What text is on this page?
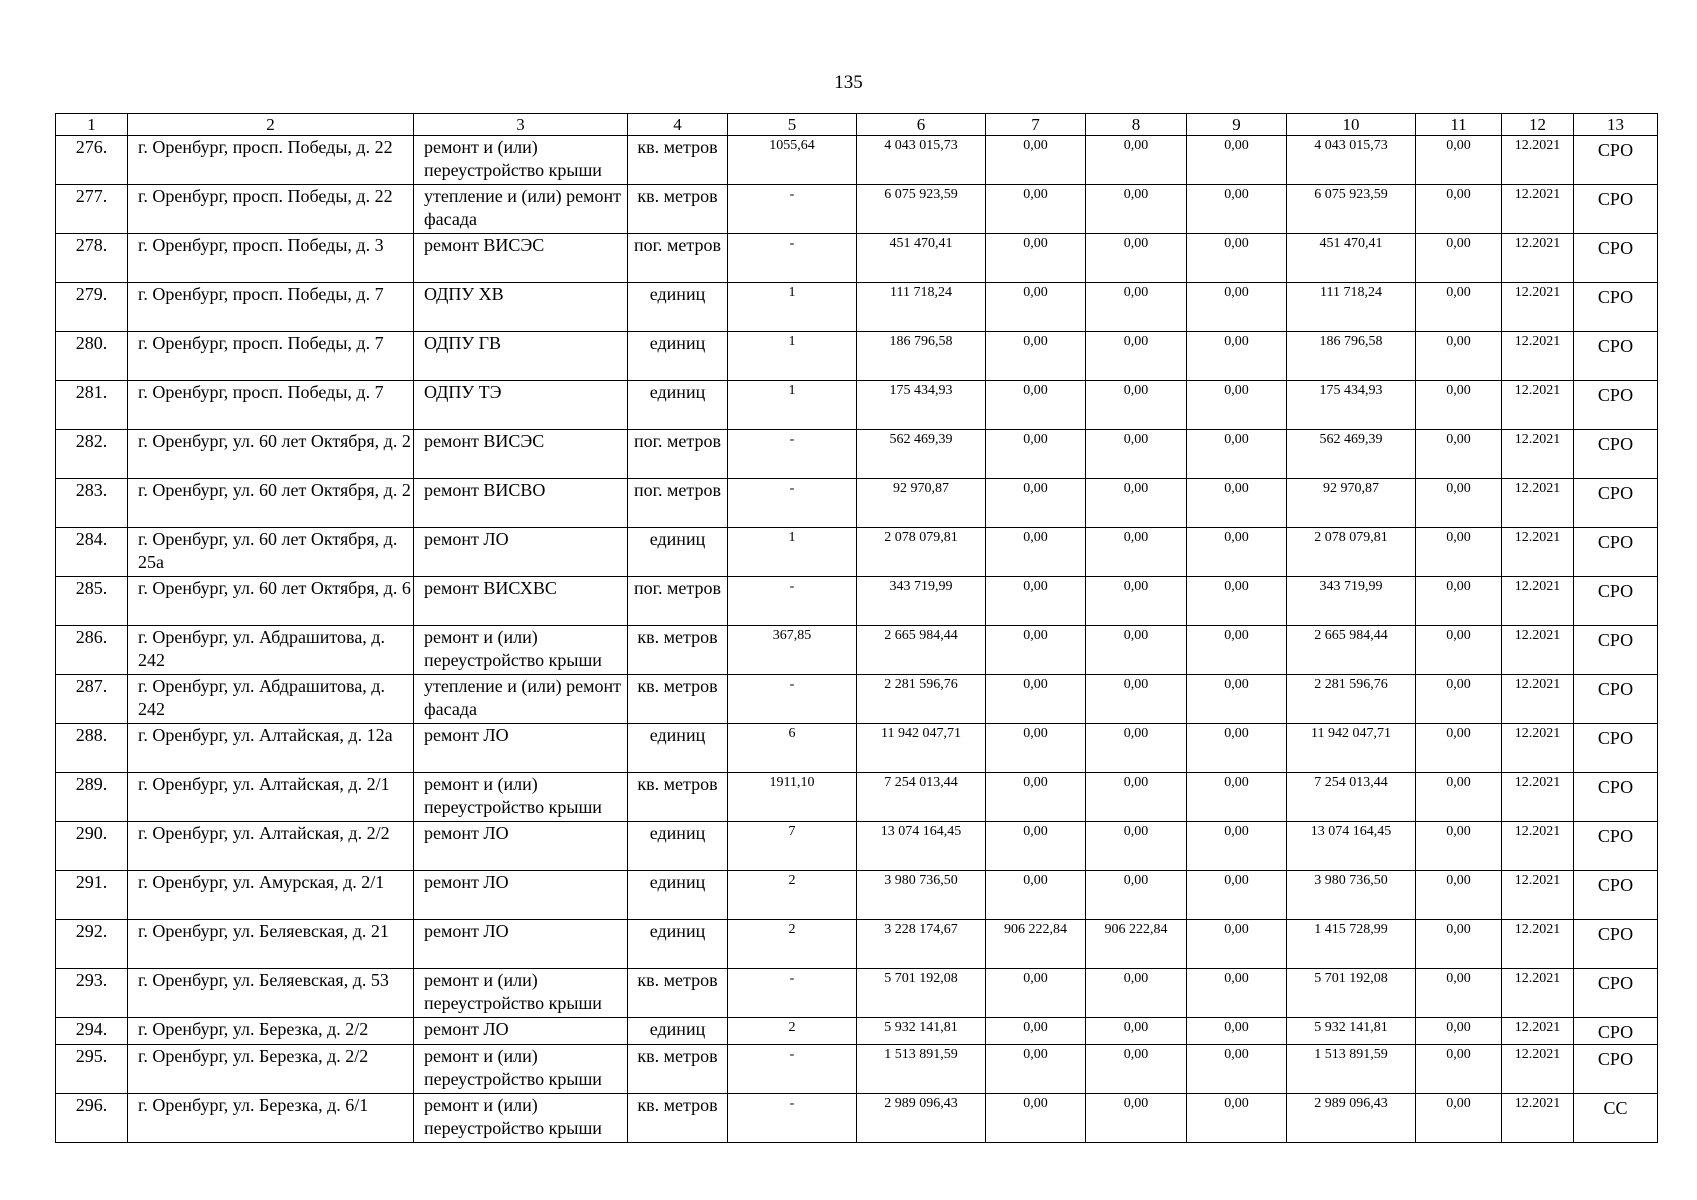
135
1	2	3	4	5	6	7	8	9	10	11	12	13
276.	г. Оренбург, просп. Победы, д. 22	ремонт и (или) переустройство крыши	кв. метров	1055,64	4 043 015,73	0,00	0,00	0,00	4 043 015,73	0,00	12.2021	СРО
277.	г. Оренбург, просп. Победы, д. 22	утепление и (или) ремонт фасада	кв. метров	-	6 075 923,59	0,00	0,00	0,00	6 075 923,59	0,00	12.2021	СРО
278.	г. Оренбург, просп. Победы, д. 3	ремонт ВИСЭС	пог. метров	-	451 470,41	0,00	0,00	0,00	451 470,41	0,00	12.2021	СРО
279.	г. Оренбург, просп. Победы, д. 7	ОДПУ ХВ	единиц	1	111 718,24	0,00	0,00	0,00	111 718,24	0,00	12.2021	СРО
280.	г. Оренбург, просп. Победы, д. 7	ОДПУ ГВ	единиц	1	186 796,58	0,00	0,00	0,00	186 796,58	0,00	12.2021	СРО
281.	г. Оренбург, просп. Победы, д. 7	ОДПУ ТЭ	единиц	1	175 434,93	0,00	0,00	0,00	175 434,93	0,00	12.2021	СРО
282.	г. Оренбург, ул. 60 лет Октября, д. 2	ремонт ВИСЭС	пог. метров	-	562 469,39	0,00	0,00	0,00	562 469,39	0,00	12.2021	СРО
283.	г. Оренбург, ул. 60 лет Октября, д. 2	ремонт ВИСВО	пог. метров	-	92 970,87	0,00	0,00	0,00	92 970,87	0,00	12.2021	СРО
284.	г. Оренбург, ул. 60 лет Октября, д. 25а	ремонт ЛО	единиц	1	2 078 079,81	0,00	0,00	0,00	2 078 079,81	0,00	12.2021	СРО
285.	г. Оренбург, ул. 60 лет Октября, д. 6	ремонт ВИСХВС	пог. метров	-	343 719,99	0,00	0,00	0,00	343 719,99	0,00	12.2021	СРО
286.	г. Оренбург, ул. Абдрашитова, д. 242	ремонт и (или) переустройство крыши	кв. метров	367,85	2 665 984,44	0,00	0,00	0,00	2 665 984,44	0,00	12.2021	СРО
287.	г. Оренбург, ул. Абдрашитова, д. 242	утепление и (или) ремонт фасада	кв. метров	-	2 281 596,76	0,00	0,00	0,00	2 281 596,76	0,00	12.2021	СРО
288.	г. Оренбург, ул. Алтайская, д. 12а	ремонт ЛО	единиц	6	11 942 047,71	0,00	0,00	0,00	11 942 047,71	0,00	12.2021	СРО
289.	г. Оренбург, ул. Алтайская, д. 2/1	ремонт и (или) переустройство крыши	кв. метров	1911,10	7 254 013,44	0,00	0,00	0,00	7 254 013,44	0,00	12.2021	СРО
290.	г. Оренбург, ул. Алтайская, д. 2/2	ремонт ЛО	единиц	7	13 074 164,45	0,00	0,00	0,00	13 074 164,45	0,00	12.2021	СРО
291.	г. Оренбург, ул. Амурская, д. 2/1	ремонт ЛО	единиц	2	3 980 736,50	0,00	0,00	0,00	3 980 736,50	0,00	12.2021	СРО
292.	г. Оренбург, ул. Беляевская, д. 21	ремонт ЛО	единиц	2	3 228 174,67	906 222,84	906 222,84	0,00	1 415 728,99	0,00	12.2021	СРО
293.	г. Оренбург, ул. Беляевская, д. 53	ремонт и (или) переустройство крыши	кв. метров	-	5 701 192,08	0,00	0,00	0,00	5 701 192,08	0,00	12.2021	СРО
294.	г. Оренбург, ул. Березка, д. 2/2	ремонт ЛО	единиц	2	5 932 141,81	0,00	0,00	0,00	5 932 141,81	0,00	12.2021	СРО
295.	г. Оренбург, ул. Березка, д. 2/2	ремонт и (или) переустройство крыши	кв. метров	-	1 513 891,59	0,00	0,00	0,00	1 513 891,59	0,00	12.2021	СРО
296.	г. Оренбург, ул. Березка, д. 6/1	ремонт и (или) переустройство крыши	кв. метров	-	2 989 096,43	0,00	0,00	0,00	2 989 096,43	0,00	12.2021	СС
